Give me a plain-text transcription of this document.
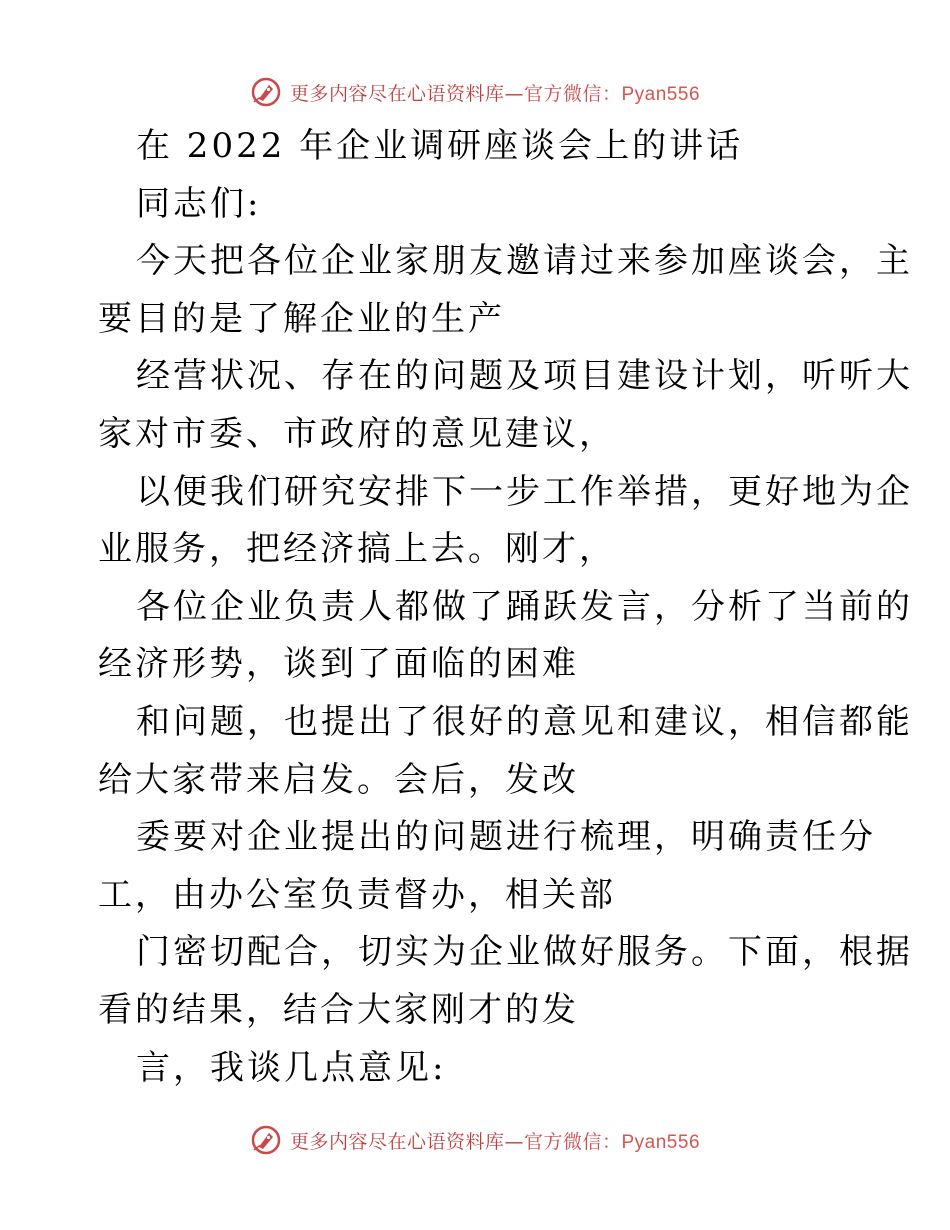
更多内容尽在心语资料库—官方微信：Pyan556
在 2022 年企业调研座谈会上的讲话
同志们:
今天把各位企业家朋友邀请过来参加座谈会，主
要目的是了解企业的生产
经营状况、存在的问题及项目建设计划，听听大
家对市委、市政府的意见建议，
以便我们研究安排下一步工作举措，更好地为企
业服务，把经济搞上去。刚才，
各位企业负责人都做了踊跃发言，分析了当前的
经济形势，谈到了面临的困难
和问题，也提出了很好的意见和建议，相信都能
给大家带来启发。会后，发改
委要对企业提出的问题进行梳理，明确责任分
工，由办公室负责督办，相关部
门密切配合，切实为企业做好服务。下面，根据
看的结果，结合大家刚才的发
言，我谈几点意见:
更多内容尽在心语资料库—官方微信：Pyan556
